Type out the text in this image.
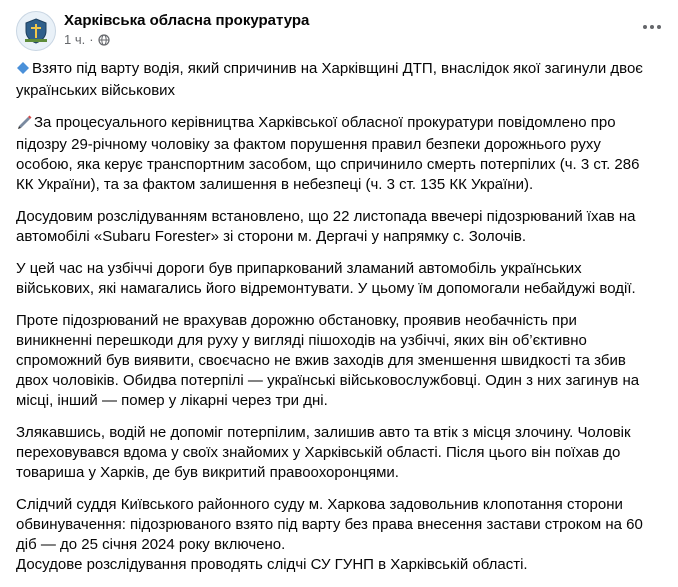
Харківська обласна прокуратура
1 ч. ·

Взято під варту водія, який спричинив на Харківщині ДТП, внаслідок якої загинули двоє українських військових

За процесуального керівництва Харківської обласної прокуратури повідомлено про підозру 29-річному чоловіку за фактом порушення правил безпеки дорожнього руху особою, яка керує транспортним засобом, що спричинило смерть потерпілих (ч. 3 ст. 286 КК України), та за фактом залишення в небезпеці (ч. 3 ст. 135 КК України).

Досудовим розслідуванням встановлено, що 22 листопада ввечері підозрюваний їхав на автомобілі «Subaru Forester» зі сторони м. Дергачі у напрямку с. Золочів.

У цей час на узбіччі дороги був припаркований зламаний автомобіль українських військових, які намагались його відремонтувати. У цьому їм допомогали небайдужі водії.

Проте підозрюваний не врахував дорожню обстановку, проявив необачність при виникненні перешкоди для руху у вигляді пішоходів на узбіччі, яких він об’єктивно спроможний був виявити, своєчасно не вжив заходів для зменшення швидкості та збив двох чоловіків. Обидва потерпілі — українські військовослужбовці. Один з них загинув на місці, інший — помер у лікарні через три дні.

Злякавшись, водій не допоміг потерпілим, залишив авто та втік з місця злочину. Чоловік переховувався вдома у своїх знайомих у Харківській області. Після цього він поїхав до товариша у Харків, де був викритий правоохоронцями.

Слідчий суддя Київського районного суду м. Харкова задовольнив клопотання сторони обвинувачення: підозрюваного взято під варту без права внесення застави строком на 60 діб — до 25 січня 2024 року включено.

Досудове розслідування проводять слідчі СУ ГУНП в Харківській області.
